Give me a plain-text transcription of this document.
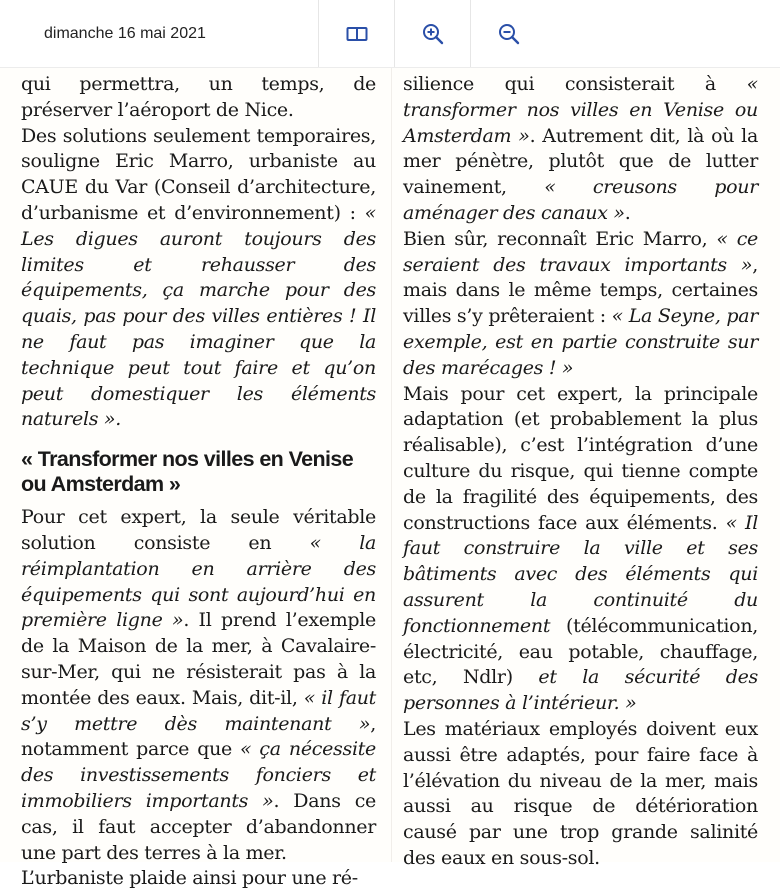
dimanche 16 mai 2021

qui permettra, un temps, de préserver l’aéroport de Nice.

Des solutions seulement temporaires, souligne Eric Marro, urbaniste au CAUE du Var (Conseil d’architecture, d’urbanisme et d’environnement) : « Les digues auront toujours des limites et rehausser des équipements, ça marche pour des quais, pas pour des villes entières ! Il ne faut pas imaginer que la technique peut tout faire et qu’on peut domestiquer les éléments naturels ».

« Transformer nos villes en Venise ou Amsterdam »

Pour cet expert, la seule véritable solution consiste en « la réimplantation en arrière des équipements qui sont aujourd’hui en première ligne ». Il prend l’exemple de la Maison de la mer, à Cavalaire-sur-Mer, qui ne résisterait pas à la montée des eaux. Mais, dit-il, « il faut s’y mettre dès maintenant », notamment parce que « ça nécessite des investissements fonciers et immobiliers importants ». Dans ce cas, il faut accepter d’abandonner une part des terres à la mer.

L’urbaniste plaide ainsi pour une ré-

silience qui consisterait à « transformer nos villes en Venise ou Amsterdam ». Autrement dit, là où la mer pénètre, plutôt que de lutter vainement, « creusons pour aménager des canaux ».

Bien sûr, reconnaît Eric Marro, « ce seraient des travaux importants », mais dans le même temps, certaines villes s’y prêteraient : « La Seyne, par exemple, est en partie construite sur des marécages ! »

Mais pour cet expert, la principale adaptation (et probablement la plus réalisable), c’est l’intégration d’une culture du risque, qui tienne compte de la fragilité des équipements, des constructions face aux éléments. « Il faut construire la ville et ses bâtiments avec des éléments qui assurent la continuité du fonctionnement (télécommunication, électricité, eau potable, chauffage, etc, Ndlr) et la sécurité des personnes à l’intérieur. »

Les matériaux employés doivent eux aussi être adaptés, pour faire face à l’élévation du niveau de la mer, mais aussi au risque de détérioration causé par une trop grande salinité des eaux en sous-sol.
